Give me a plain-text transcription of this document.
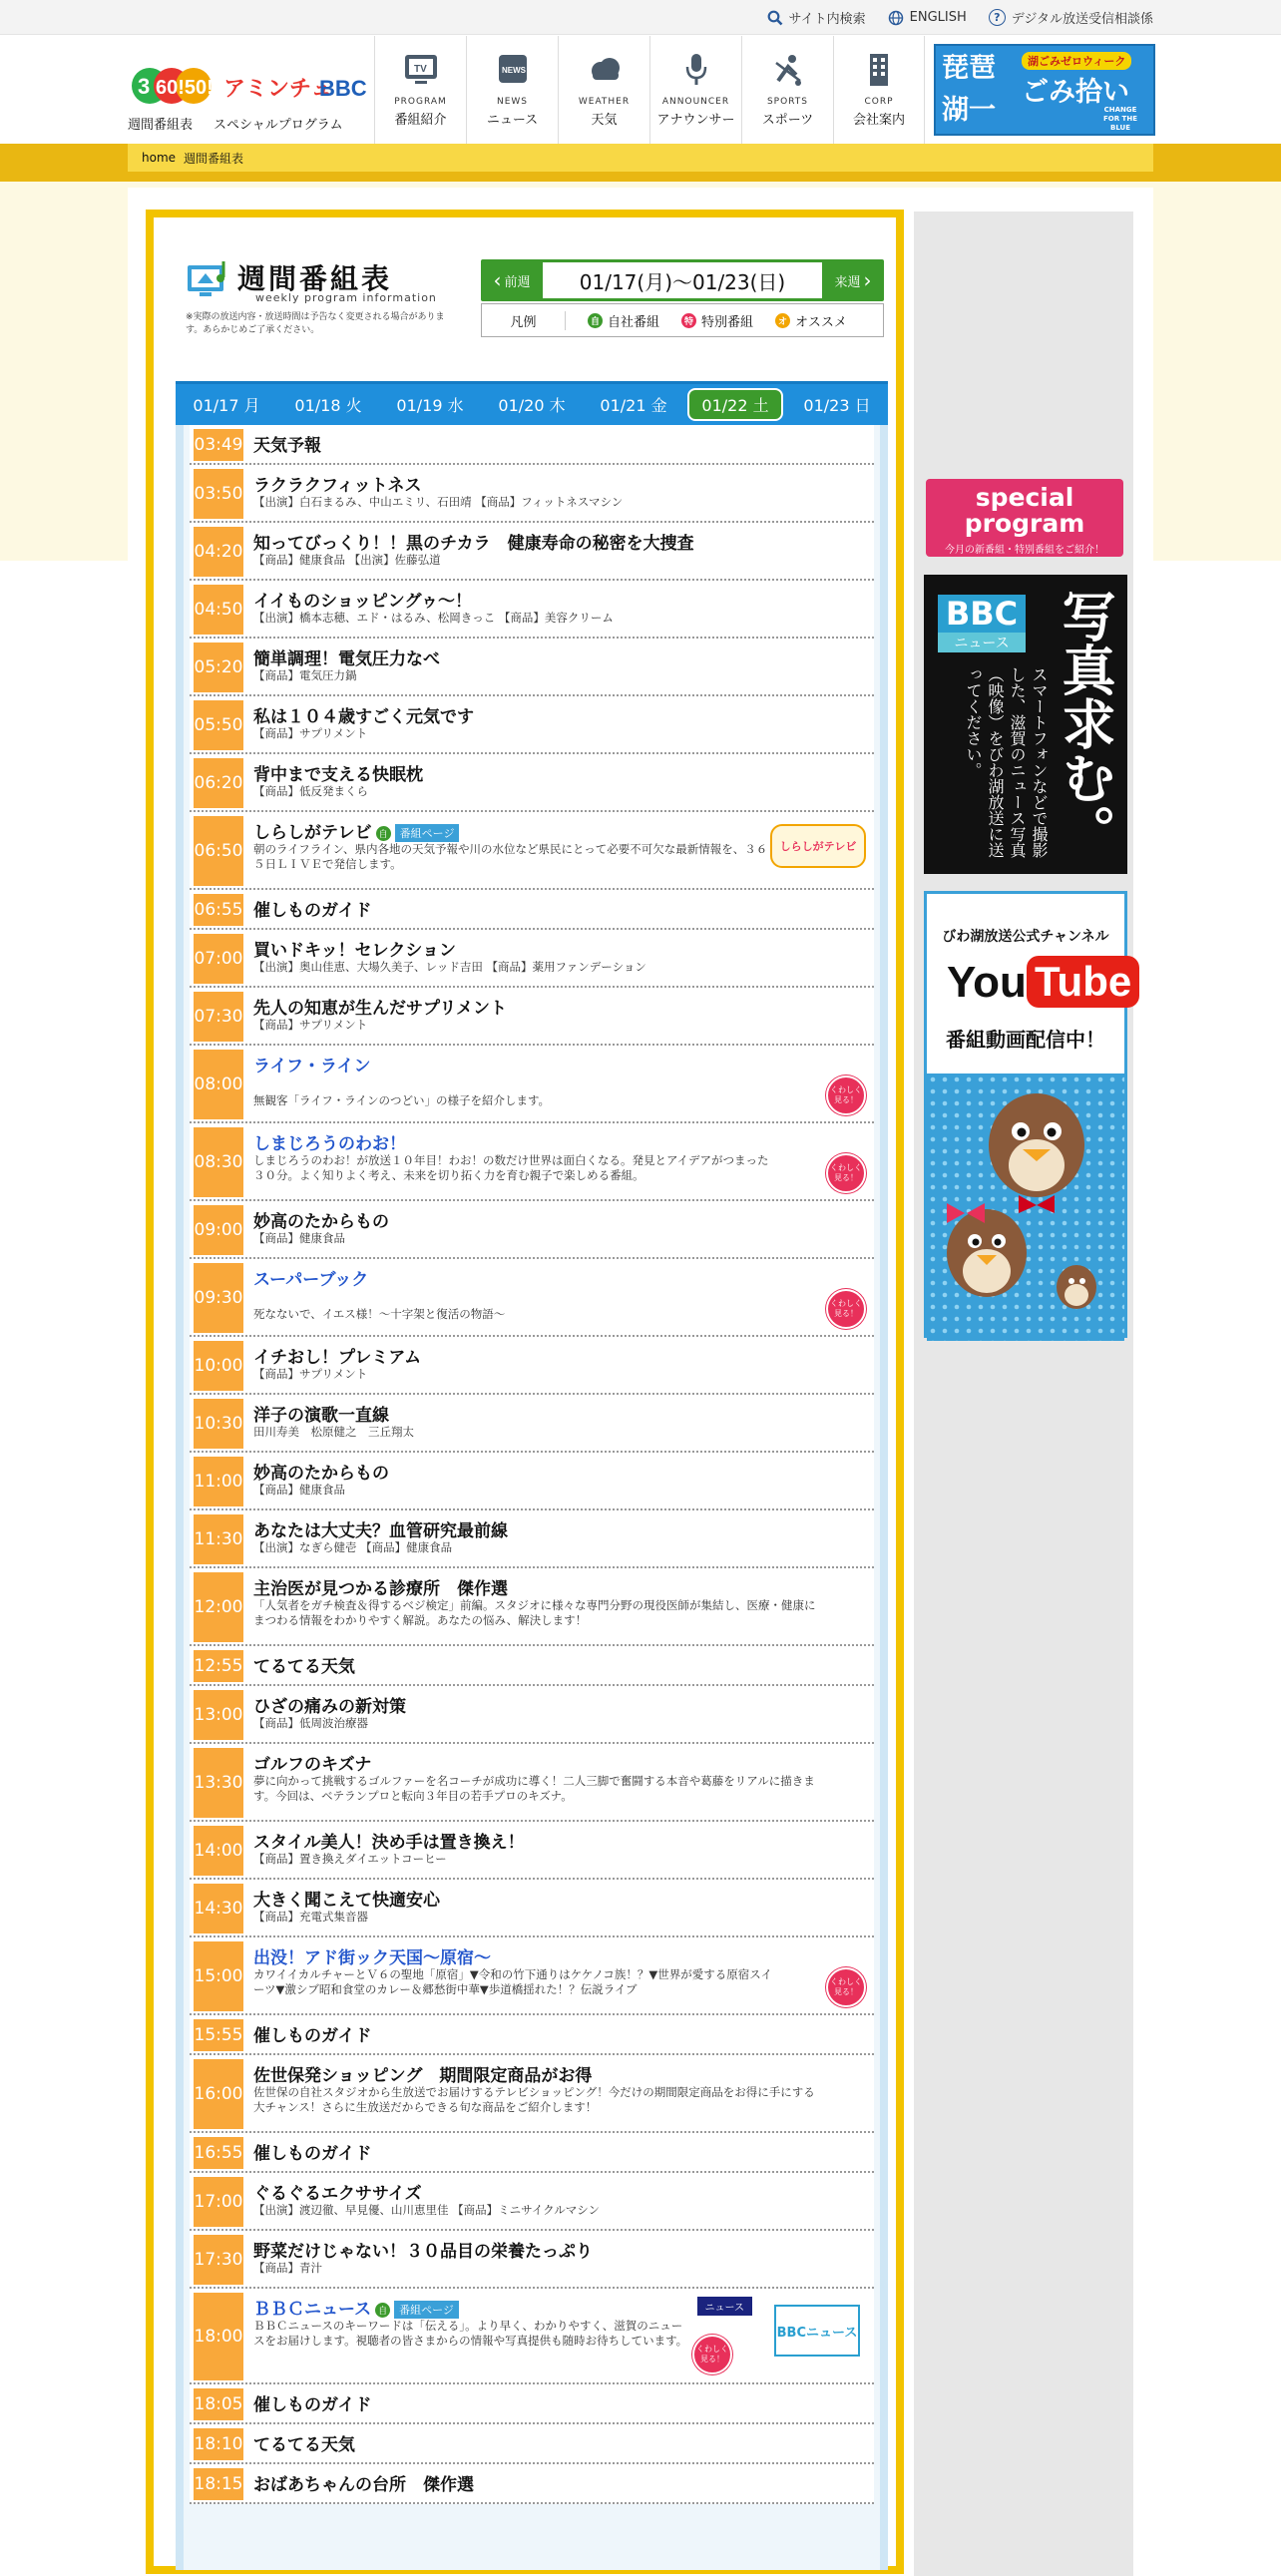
サイト内検索	ENGLISH	? デジタル放送受信相談係
3 60!50! アミンチュ
BBC
週間番組表 スペシャルプログラム
TV
PROGRAM
番組紹介
NEWS
NEWS
ニュース
WEATHER
天気
ANNOUNCER
アナウンサー
SPORTS
スポーツ
CORP
会社案内
琵琶湖一
湖ごみゼロウィーク
ごみ拾い
CHANGE FOR THE BLUE
home 週間番組表
週間番組表
weekly program information
※実際の放送内容・放送時間は予告なく変更される場合があります。あらかじめご了承ください。
‹ 前週	01/17(月)～01/23(日)	来週 ›
凡例	自 自社番組	特 特別番組	オ オススメ
01/17 月 01/18 火 01/19 水 01/20 木 01/21 金	01/22 土	01/23 日
03:49 天気予報
03:50 ラクラクフィットネス
【出演】白石まるみ、中山エミリ、石田靖 【商品】フィットネスマシン
04:20 知ってびっくり！！黒のチカラ　健康寿命の秘密を大捜査
【商品】健康食品 【出演】佐藤弘道
04:50 イイものショッピングゥ～！
【出演】橋本志穂、エド・はるみ、松岡きっこ 【商品】美容クリーム
05:20 簡単調理！電気圧力なべ
【商品】電気圧力鍋
05:50 私は１０４歳すごく元気です
【商品】サプリメント
06:20 背中まで支える快眠枕
【商品】低反発まくら
06:50
しらしがテレビ 自 番組ページ
朝のライフライン、県内各地の天気予報や川の水位など県民にとって必要不可欠な最新情報を、３６５日ＬＩＶＥで発信します。
しらしがテレビ
06:55 催しものガイド
07:00 買いドキッ！セレクション
【出演】奥山佳恵、大場久美子、レッド吉田 【商品】薬用ファンデーション
07:30 先人の知恵が生んだサプリメント
【商品】サプリメント
08:00
ライフ・ライン
無観客「ライフ・ラインのつどい」の様子を紹介します。
くわしく見る！
08:30
しまじろうのわお！
しまじろうのわお！が放送１０年目！わお！の数だけ世界は面白くなる。発見とアイデアがつまった３０分。よく知りよく考え、未来を切り拓く力を育む親子で楽しめる番組。
くわしく見る！
09:00 妙高のたからもの
【商品】健康食品
09:30
スーパーブック
死なないで、イエス様！～十字架と復活の物語～
くわしく見る！
10:00 イチおし！プレミアム
【商品】サプリメント
10:30 洋子の演歌一直線
田川寿美　松原健之　三丘翔太
11:00 妙高のたからもの
【商品】健康食品
11:30 あなたは大丈夫？血管研究最前線
【出演】なぎら健壱 【商品】健康食品
12:00
主治医が見つかる診療所　傑作選
「人気者をガチ検査＆得するベジ検定」前編。スタジオに様々な専門分野の現役医師が集結し、医療・健康にまつわる情報をわかりやすく解説。あなたの悩み、解決します！
12:55 てるてる天気
13:00 ひざの痛みの新対策
【商品】低周波治療器
13:30
ゴルフのキズナ
夢に向かって挑戦するゴルファーを名コーチが成功に導く！二人三脚で奮闘する本音や葛藤をリアルに描きます。今回は、ベテランプロと転向３年目の若手プロのキズナ。
14:00 スタイル美人！決め手は置き換え！
【商品】置き換えダイエットコーヒー
14:30 大きく聞こえて快適安心
【商品】充電式集音器
15:00
出没！アド街ック天国～原宿～
カワイイカルチャーとＶ６の聖地「原宿」▼令和の竹下通りはケケノコ族！？▼世界が愛する原宿スイーツ▼激シブ昭和食堂のカレー＆郷愁街中華▼歩道橋揺れた！？伝説ライブ
くわしく見る！
15:55 催しものガイド
16:00
佐世保発ショッピング　期間限定商品がお得
佐世保の自社スタジオから生放送でお届けするテレビショッピング！今だけの期間限定商品をお得に手にする大チャンス！さらに生放送だからできる旬な商品をご紹介します！
16:55 催しものガイド
17:00 ぐるぐるエクササイズ
【出演】渡辺徹、早見優、山川恵里佳 【商品】ミニサイクルマシン
17:30 野菜だけじゃない！３０品目の栄養たっぷり
【商品】青汁
18:00
ＢＢＣニュース 自 番組ページ
ＢＢＣニュースのキーワードは「伝える」。より早く、わかりやすく、滋賀のニュースをお届けします。視聴者の皆さまからの情報や写真提供も随時お待ちしています。
くわしく見る！
ニュース
BBCニュース
18:05 催しものガイド
18:10 てるてる天気
18:15 おばあちゃんの台所　傑作選
special program
今月の新番組・特別番組をご紹介！
BBC
ニュース 写真求む。
スマートフォンなどで撮影した、滋賀のニュース写真（映像）をびわ湖放送に送ってください。
びわ湖放送公式チャンネル
You Tube
番組動画配信中！
